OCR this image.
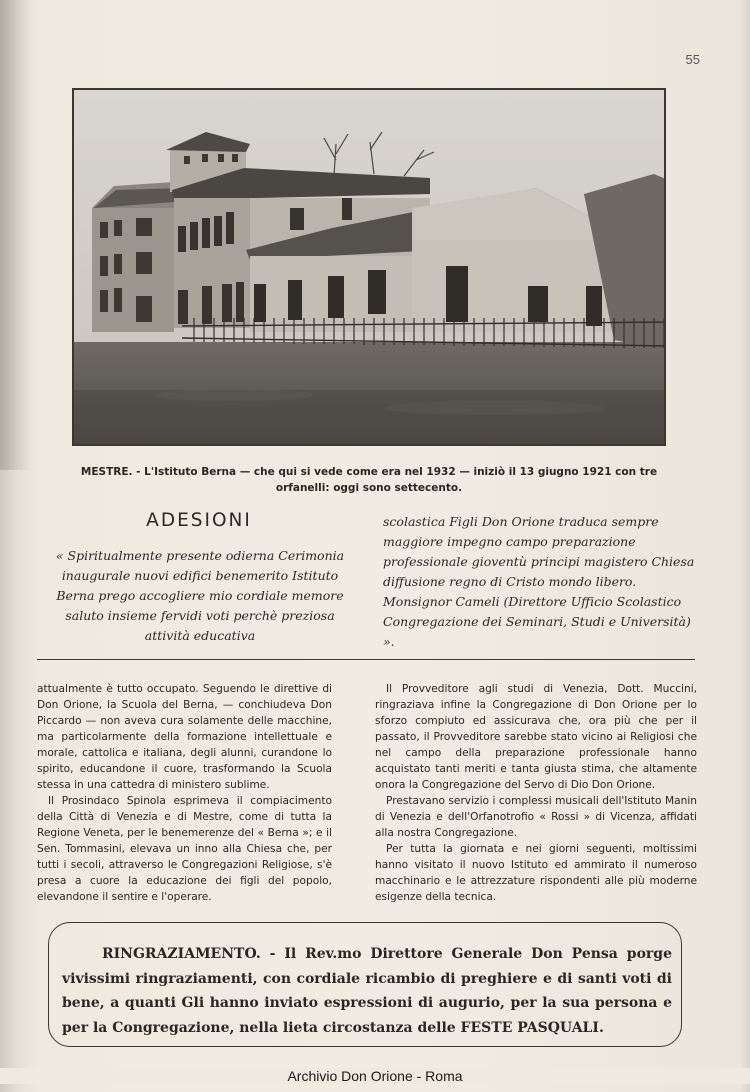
55
MESTRE. - L'Istituto Berna — che qui si vede come era nel 1932 — iniziò il 13 giugno 1921 con tre orfanelli: oggi sono settecento.
ADESIONI

« Spiritualmente presente odierna Cerimonia inaugurale nuovi edifici benemerito Istituto Berna prego accogliere mio cordiale memore saluto insieme fervidi voti perchè preziosa attività educativa

scolastica Figli Don Orione traduca sempre maggiore impegno campo preparazione professionale gioventù principi magistero Chiesa diffusione regno di Cristo mondo libero. Monsignor Cameli (Direttore Ufficio Scolastico Congregazione dei Seminari, Studi e Università) ».

attualmente è tutto occupato. Seguendo le direttive di Don Orione, la Scuola del Berna, — conchiudeva Don Piccardo — non aveva cura solamente delle macchine, ma particolarmente della formazione intellettuale e morale, cattolica e italiana, degli alunni, curandone lo spirito, educandone il cuore, trasformando la Scuola stessa in una cattedra di ministero sublime.

Il Prosindaco Spinola esprimeva il compiacimento della Città di Venezia e di Mestre, come di tutta la Regione Veneta, per le benemerenze del « Berna »; e il Sen. Tommasini, elevava un inno alla Chiesa che, per tutti i secoli, attraverso le Congregazioni Religiose, s'è presa a cuore la educazione dei figli del popolo, elevandone il sentire e l'operare.

Il Provveditore agli studi di Venezia, Dott. Muccini, ringraziava infine la Congregazione di Don Orione per lo sforzo compiuto ed assicurava che, ora più che per il passato, il Provveditore sarebbe stato vicino ai Religiosi che nel campo della preparazione professionale hanno acquistato tanti meriti e tanta giusta stima, che altamente onora la Congregazione del Servo di Dio Don Orione.

Prestavano servizio i complessi musicali dell'Istituto Manin di Venezia e dell'Orfanotrofio « Rossi » di Vicenza, affidati alla nostra Congregazione.

Per tutta la giornata e nei giorni seguenti, moltissimi hanno visitato il nuovo Istituto ed ammirato il numeroso macchinario e le attrezzature rispondenti alle più moderne esigenze della tecnica.

RINGRAZIAMENTO. - Il Rev.mo Direttore Generale Don Pensa porge vivissimi ringraziamenti, con cordiale ricambio di preghiere e di santi voti di bene, a quanti Gli hanno inviato espressioni di augurio, per la sua persona e per la Congregazione, nella lieta circostanza delle FESTE PASQUALI.

Archivio Don Orione - Roma
